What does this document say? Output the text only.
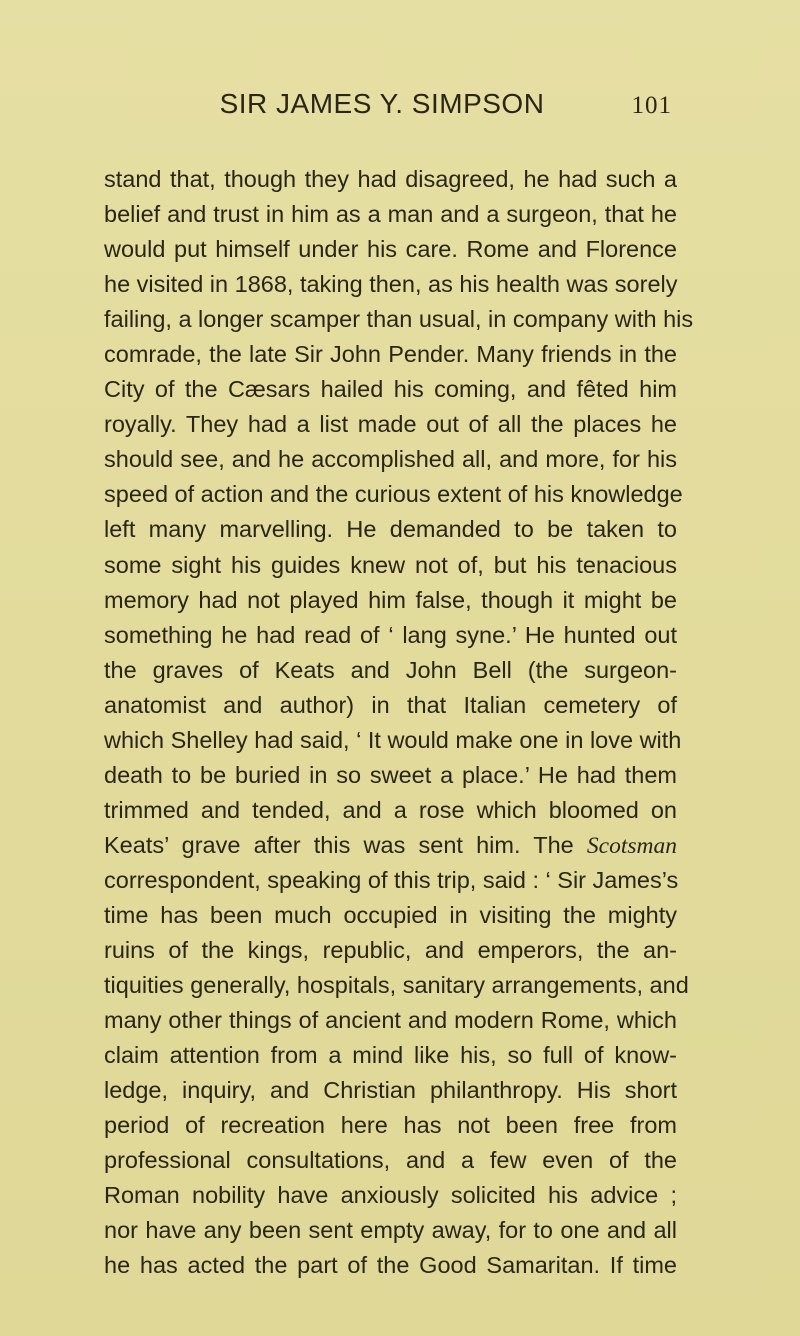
SIR JAMES Y. SIMPSON	101
stand that, though they had disagreed, he had such a
belief and trust in him as a man and a surgeon, that he
would put himself under his care. Rome and Florence
he visited in 1868, taking then, as his health was sorely
failing, a longer scamper than usual, in company with his
comrade, the late Sir John Pender. Many friends in the
City of the Cæsars hailed his coming, and fêted him
royally. They had a list made out of all the places he
should see, and he accomplished all, and more, for his
speed of action and the curious extent of his knowledge
left many marvelling. He demanded to be taken to
some sight his guides knew not of, but his tenacious
memory had not played him false, though it might be
something he had read of ‘ lang syne.’ He hunted out
the graves of Keats and John Bell (the surgeon-
anatomist and author) in that Italian cemetery of
which Shelley had said, ‘ It would make one in love with
death to be buried in so sweet a place.’ He had them
trimmed and tended, and a rose which bloomed on
Keats’ grave after this was sent him. The Scotsman
correspondent, speaking of this trip, said : ‘ Sir James’s
time has been much occupied in visiting the mighty
ruins of the kings, republic, and emperors, the an-
tiquities generally, hospitals, sanitary arrangements, and
many other things of ancient and modern Rome, which
claim attention from a mind like his, so full of know-
ledge, inquiry, and Christian philanthropy. His short
period of recreation here has not been free from
professional consultations, and a few even of the
Roman nobility have anxiously solicited his advice ;
nor have any been sent empty away, for to one and all
he has acted the part of the Good Samaritan. If time
